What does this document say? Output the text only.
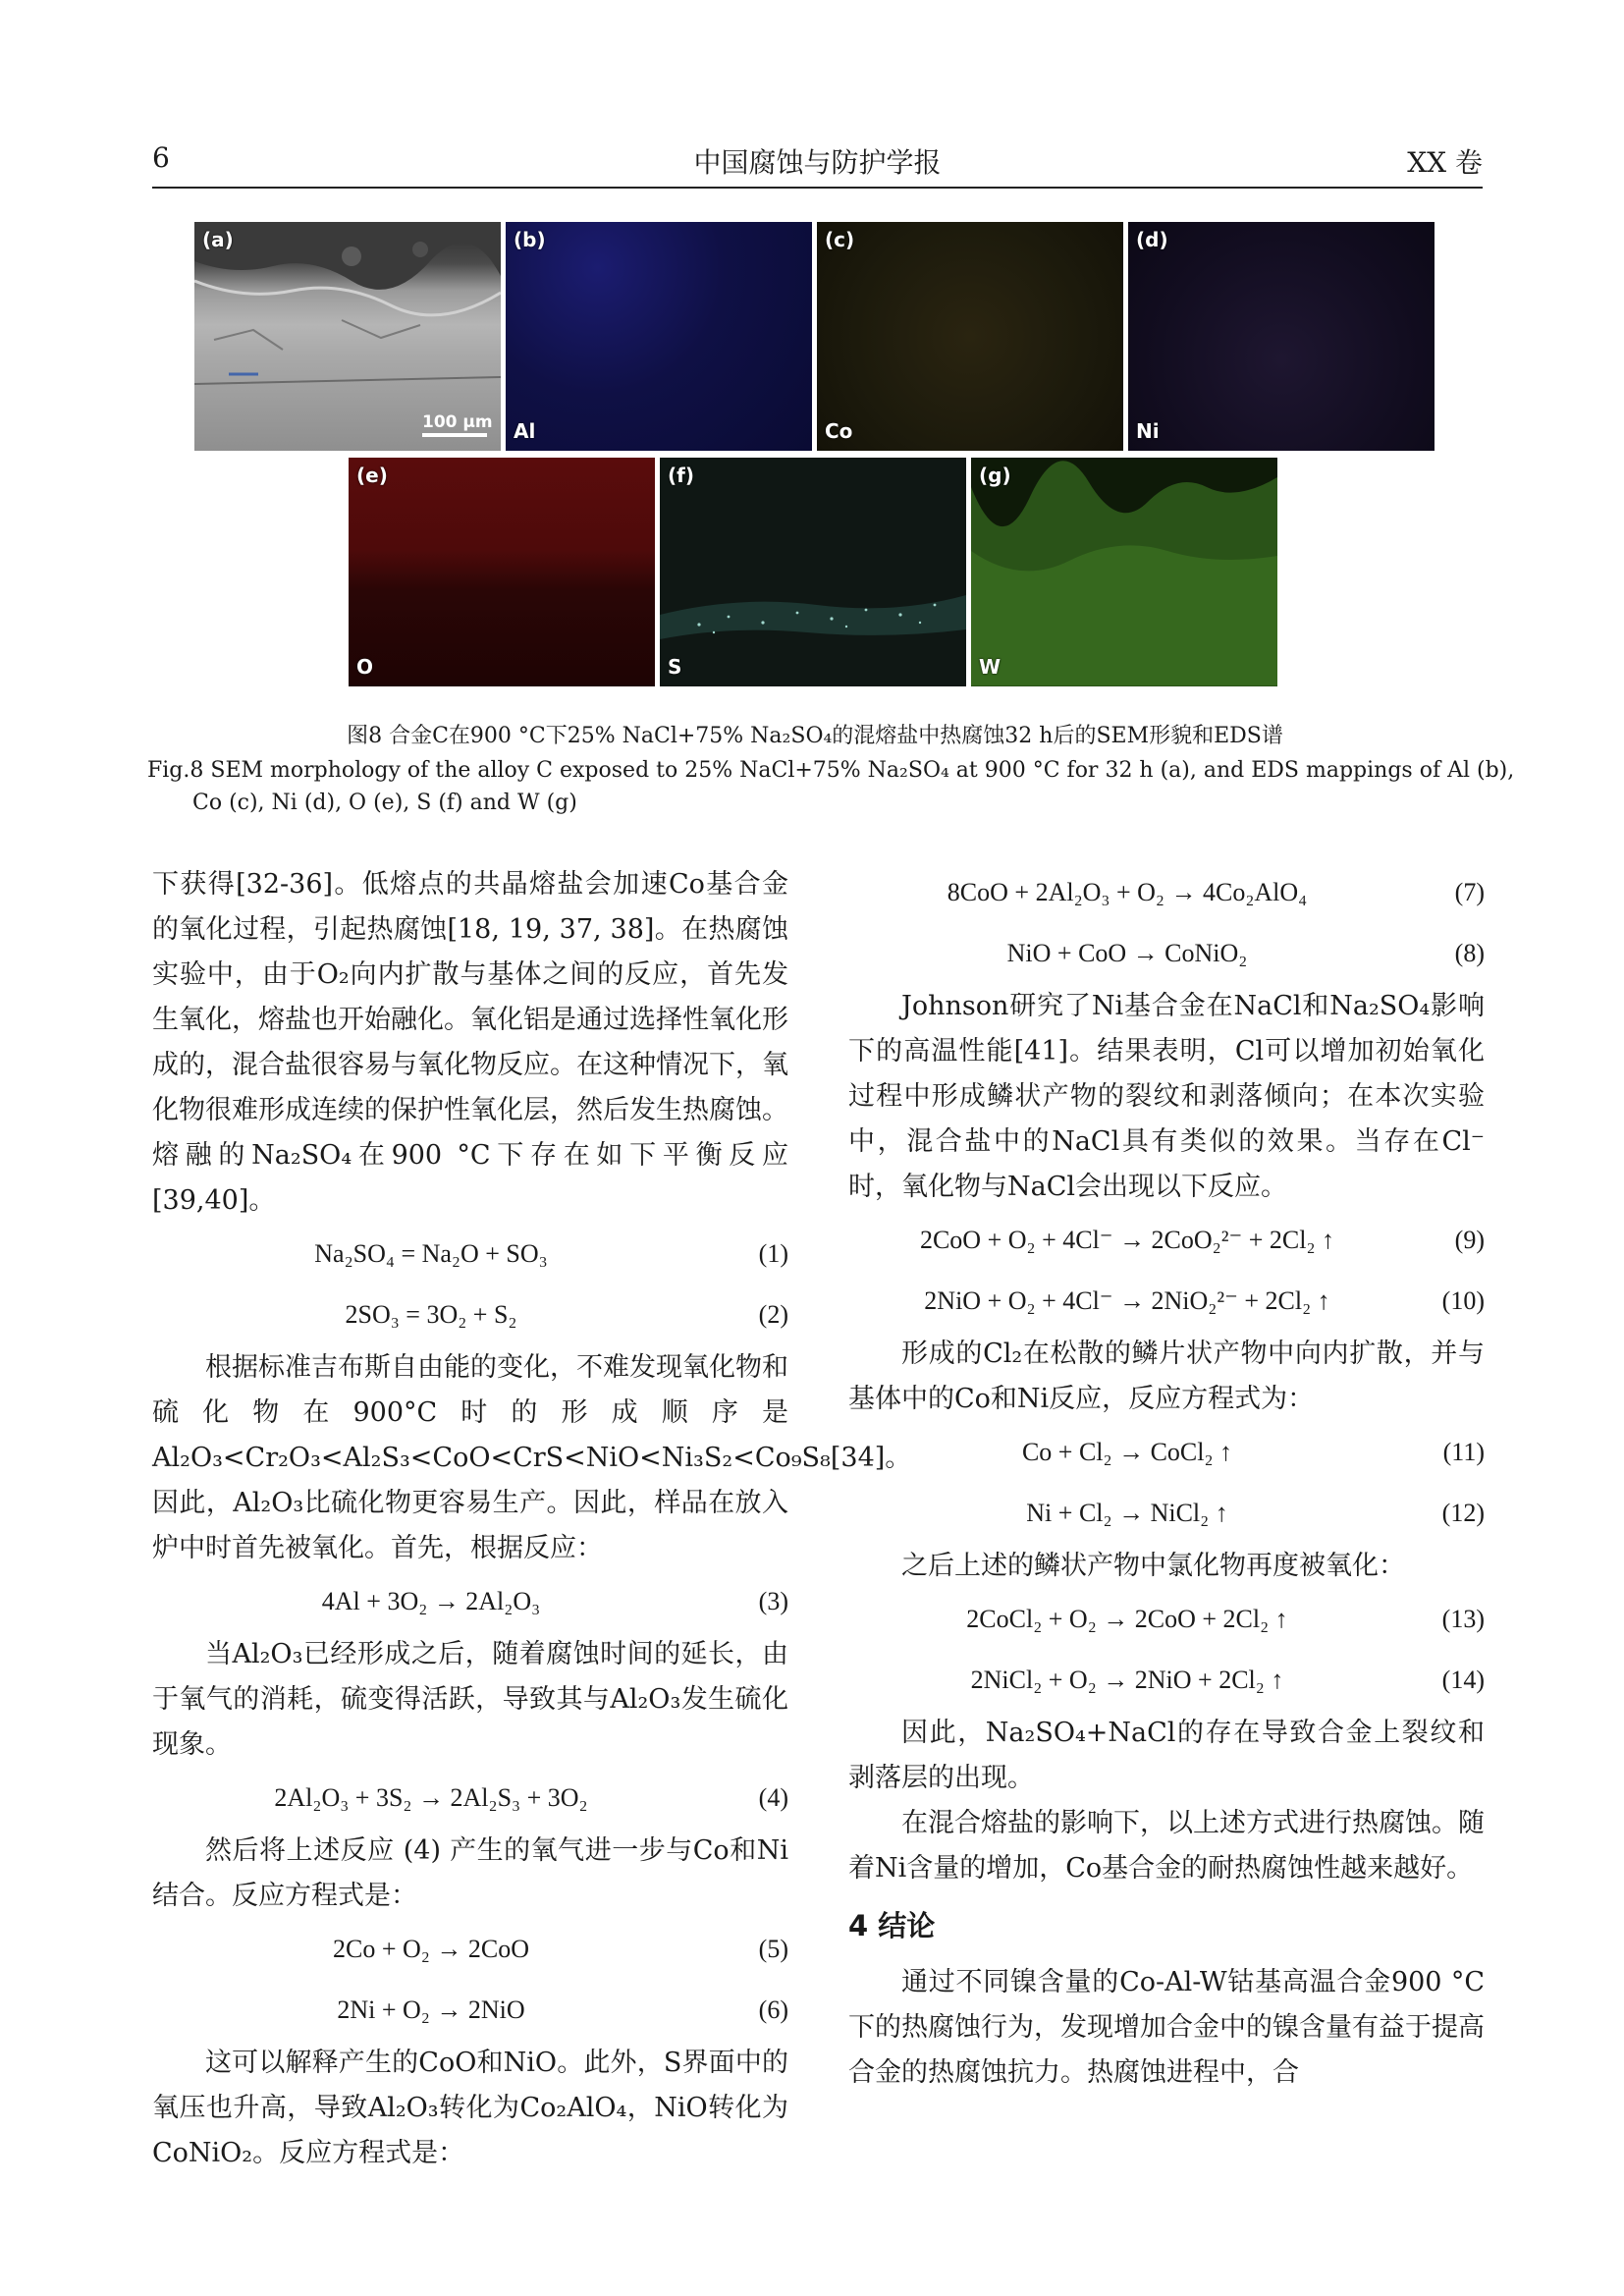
6	中国腐蚀与防护学报	XX 卷
(a)
100 μm
(b)
Al
(c)
Co
(d)
Ni
(e)
O
(f)
S
(g)
W
图8 合金C在900 °C下25% NaCl+75% Na₂SO₄的混熔盐中热腐蚀32 h后的SEM形貌和EDS谱
Fig.8 SEM morphology of the alloy C exposed to 25% NaCl+75% Na₂SO₄ at 900 °C for 32 h (a), and EDS mappings of Al (b), Co (c), Ni (d), O (e), S (f) and W (g)
下获得[32-36]。低熔点的共晶熔盐会加速Co基合金的氧化过程，引起热腐蚀[18, 19, 37, 38]。在热腐蚀实验中，由于O₂向内扩散与基体之间的反应，首先发生氧化，熔盐也开始融化。氧化铝是通过选择性氧化形成的，混合盐很容易与氧化物反应。在这种情况下，氧化物很难形成连续的保护性氧化层，然后发生热腐蚀。熔融的Na₂SO₄在900 °C下存在如下平衡反应[39,40]。
Na₂SO₄ = Na₂O + SO₃	(1)
2SO₃ = 3O₂ + S₂	(2)
根据标准吉布斯自由能的变化，不难发现氧化物和硫化物在900°C时的形成顺序是Al₂O₃<Cr₂O₃<Al₂S₃<CoO<CrS<NiO<Ni₃S₂<Co₉S₈[34]。因此，Al₂O₃比硫化物更容易生产。因此，样品在放入炉中时首先被氧化。首先，根据反应：
4Al + 3O₂ → 2Al₂O₃	(3)
当Al₂O₃已经形成之后，随着腐蚀时间的延长，由于氧气的消耗，硫变得活跃，导致其与Al₂O₃发生硫化现象。
2Al₂O₃ + 3S₂ → 2Al₂S₃ + 3O₂	(4)
然后将上述反应 (4) 产生的氧气进一步与Co和Ni结合。反应方程式是：
2Co + O₂ → 2CoO	(5)
2Ni + O₂ → 2NiO	(6)
这可以解释产生的CoO和NiO。此外，S界面中的氧压也升高，导致Al₂O₃转化为Co₂AlO₄，NiO转化为CoNiO₂。反应方程式是：
8CoO + 2Al₂O₃ + O₂ → 4Co₂AlO₄	(7)
NiO + CoO → CoNiO₂	(8)
Johnson研究了Ni基合金在NaCl和Na₂SO₄影响下的高温性能[41]。结果表明，Cl可以增加初始氧化过程中形成鳞状产物的裂纹和剥落倾向；在本次实验中，混合盐中的NaCl具有类似的效果。当存在Cl⁻时，氧化物与NaCl会出现以下反应。
2CoO + O₂ + 4Cl⁻ → 2CoO₂²⁻ + 2Cl₂ ↑	(9)
2NiO + O₂ + 4Cl⁻ → 2NiO₂²⁻ + 2Cl₂ ↑	(10)
形成的Cl₂在松散的鳞片状产物中向内扩散，并与基体中的Co和Ni反应，反应方程式为：
Co + Cl₂ → CoCl₂ ↑	(11)
Ni + Cl₂ → NiCl₂ ↑	(12)
之后上述的鳞状产物中氯化物再度被氧化：
2CoCl₂ + O₂ → 2CoO + 2Cl₂ ↑	(13)
2NiCl₂ + O₂ → 2NiO + 2Cl₂ ↑	(14)
因此，Na₂SO₄+NaCl的存在导致合金上裂纹和剥落层的出现。
在混合熔盐的影响下，以上述方式进行热腐蚀。随着Ni含量的增加，Co基合金的耐热腐蚀性越来越好。
4 结论
通过不同镍含量的Co-Al-W钴基高温合金900 °C下的热腐蚀行为，发现增加合金中的镍含量有益于提高合金的热腐蚀抗力。热腐蚀进程中，合
